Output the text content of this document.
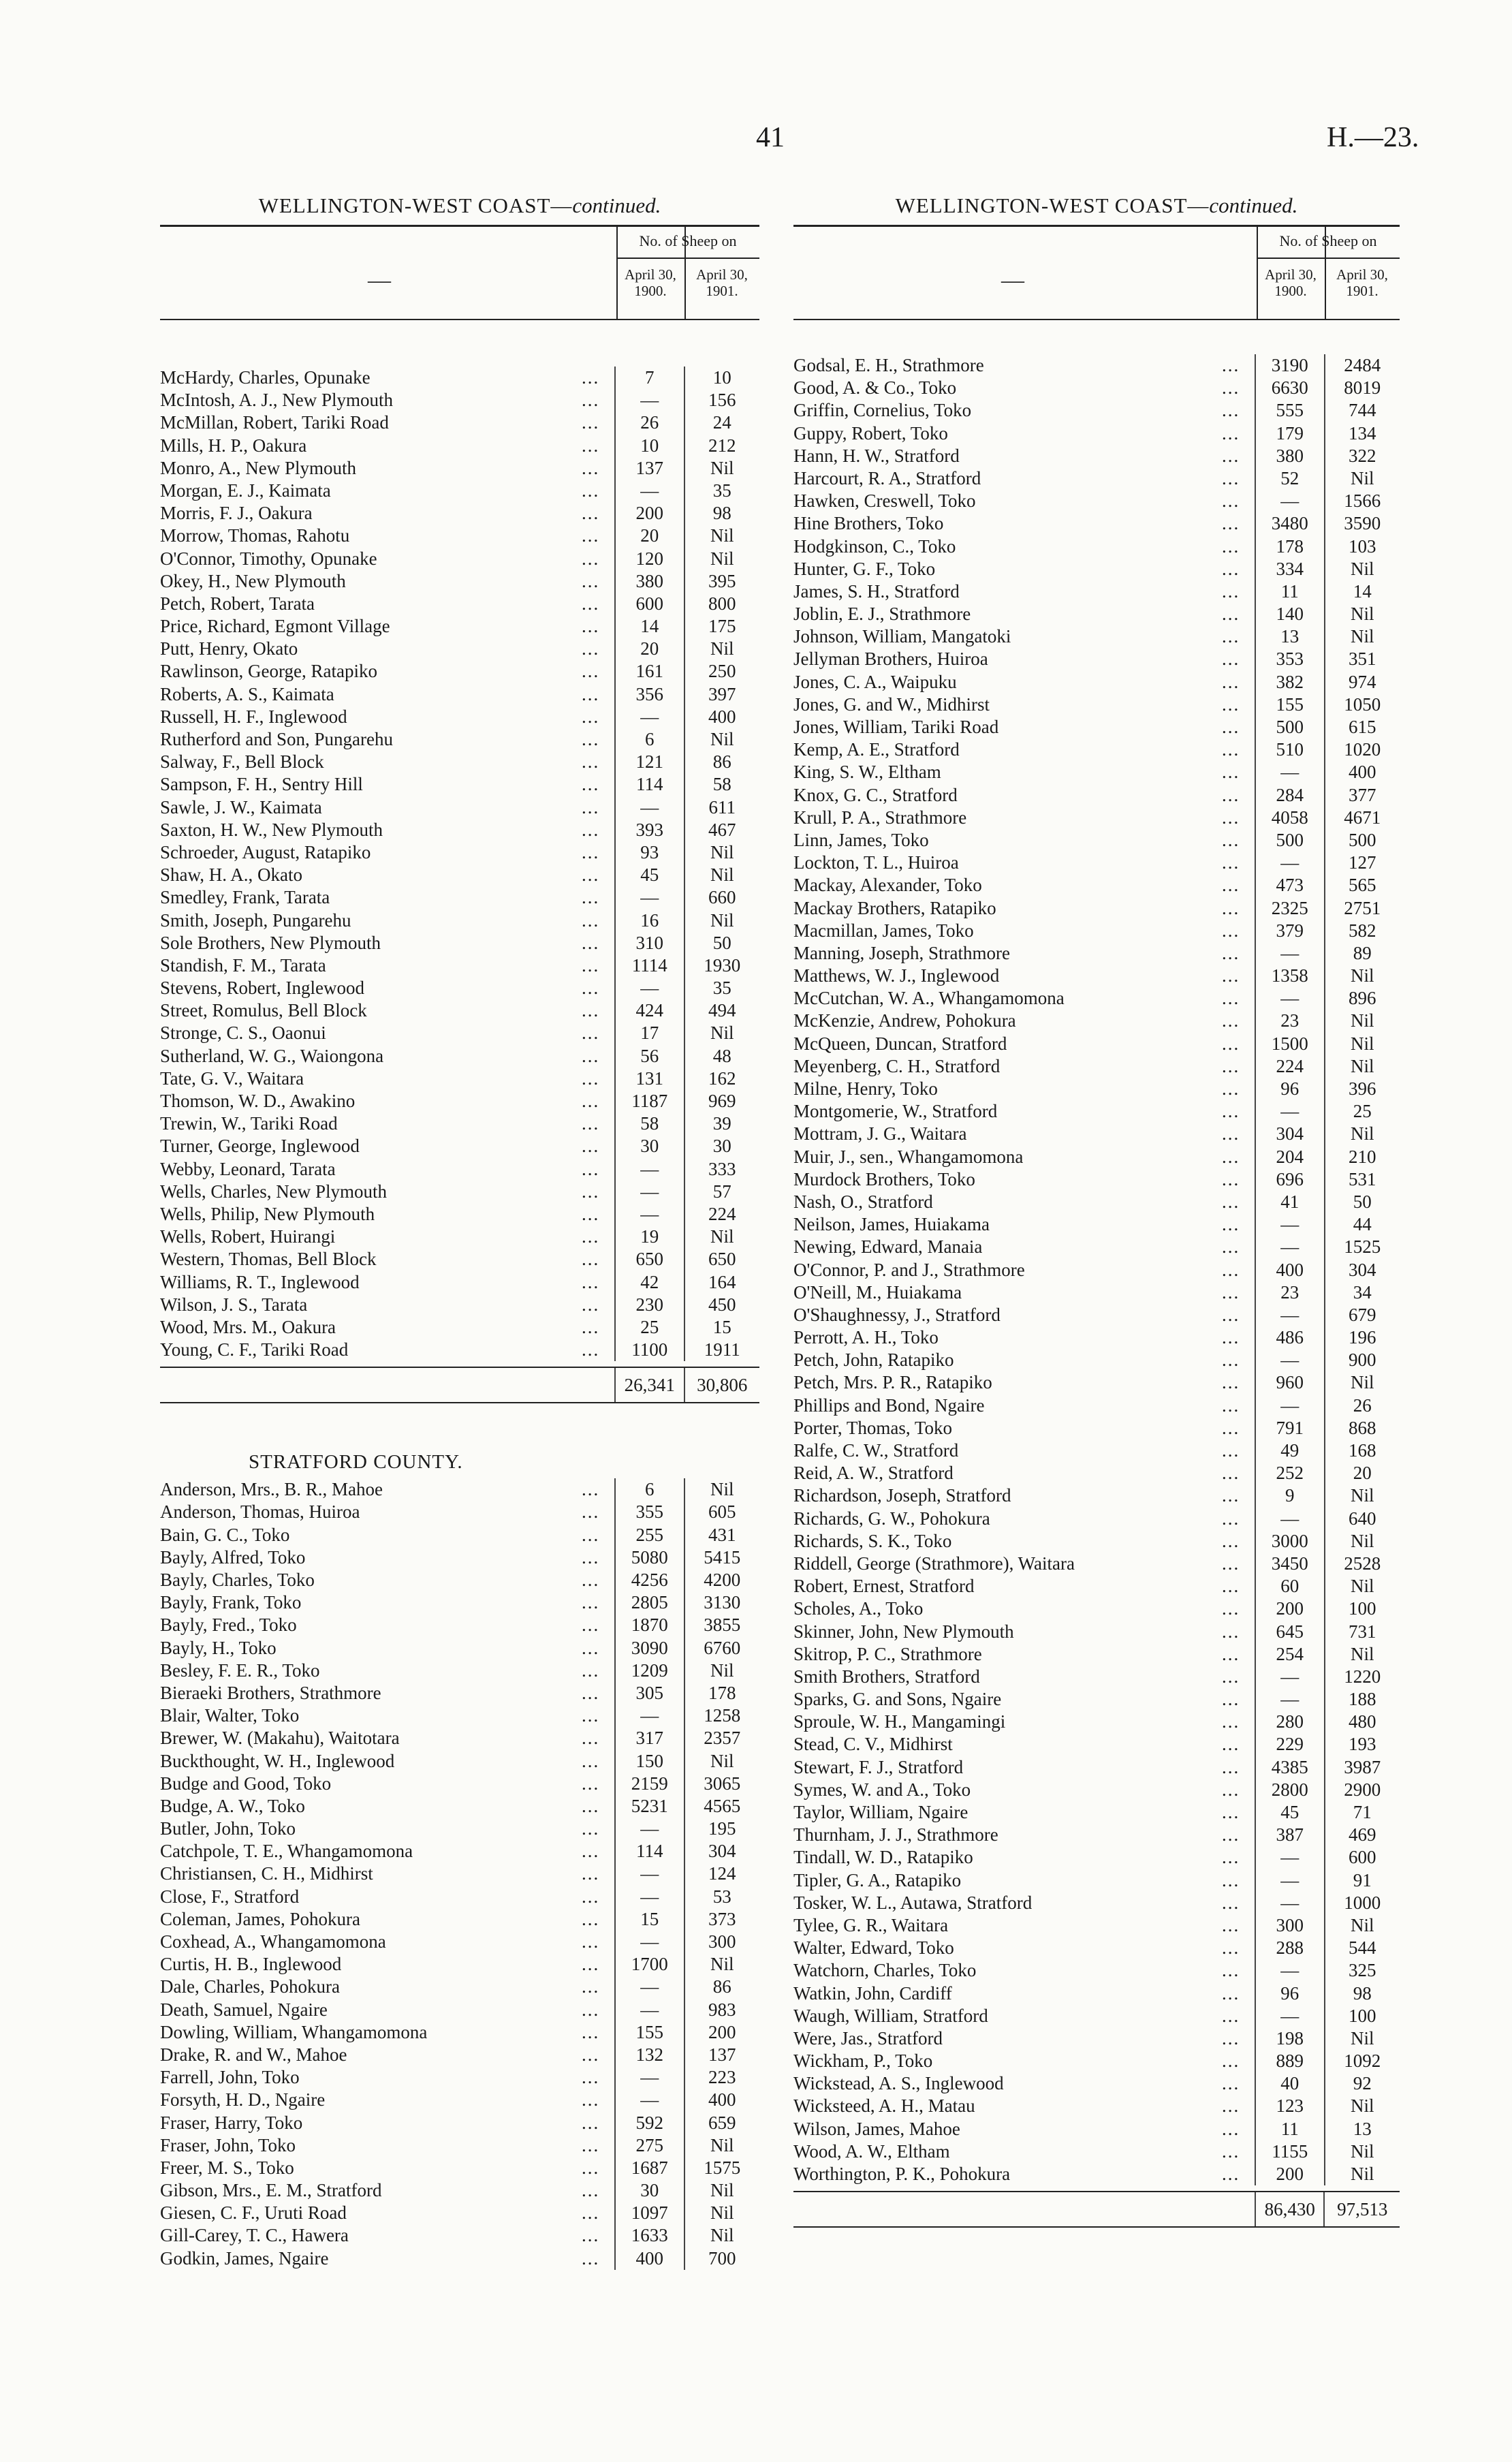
41	H.—23.
WELLINGTON-WEST COAST—continued.
—
No. of Sheep on
April 30,
1900.
April 30,
1901.
McHardy, Charles, Opunake	...	7	10
McIntosh, A. J., New Plymouth	...	—	156
McMillan, Robert, Tariki Road	...	26	24
Mills, H. P., Oakura	...	10	212
Monro, A., New Plymouth	...	137	Nil
Morgan, E. J., Kaimata	...	—	35
Morris, F. J., Oakura	...	200	98
Morrow, Thomas, Rahotu	...	20	Nil
O'Connor, Timothy, Opunake	...	120	Nil
Okey, H., New Plymouth	...	380	395
Petch, Robert, Tarata	...	600	800
Price, Richard, Egmont Village	...	14	175
Putt, Henry, Okato	...	20	Nil
Rawlinson, George, Ratapiko	...	161	250
Roberts, A. S., Kaimata	...	356	397
Russell, H. F., Inglewood	...	—	400
Rutherford and Son, Pungarehu	...	6	Nil
Salway, F., Bell Block	...	121	86
Sampson, F. H., Sentry Hill	...	114	58
Sawle, J. W., Kaimata	...	—	611
Saxton, H. W., New Plymouth	...	393	467
Schroeder, August, Ratapiko	...	93	Nil
Shaw, H. A., Okato	...	45	Nil
Smedley, Frank, Tarata	...	—	660
Smith, Joseph, Pungarehu	...	16	Nil
Sole Brothers, New Plymouth	...	310	50
Standish, F. M., Tarata	...	1114	1930
Stevens, Robert, Inglewood	...	—	35
Street, Romulus, Bell Block	...	424	494
Stronge, C. S., Oaonui	...	17	Nil
Sutherland, W. G., Waiongona	...	56	48
Tate, G. V., Waitara	...	131	162
Thomson, W. D., Awakino	...	1187	969
Trewin, W., Tariki Road	...	58	39
Turner, George, Inglewood	...	30	30
Webby, Leonard, Tarata	...	—	333
Wells, Charles, New Plymouth	...	—	57
Wells, Philip, New Plymouth	...	—	224
Wells, Robert, Huirangi	...	19	Nil
Western, Thomas, Bell Block	...	650	650
Williams, R. T., Inglewood	...	42	164
Wilson, J. S., Tarata	...	230	450
Wood, Mrs. M., Oakura	...	25	15
Young, C. F., Tariki Road	...	1100	1911
26,341	30,806
STRATFORD COUNTY.
Anderson, Mrs., B. R., Mahoe	...	6	Nil
Anderson, Thomas, Huiroa	...	355	605
Bain, G. C., Toko	...	255	431
Bayly, Alfred, Toko	...	5080	5415
Bayly, Charles, Toko	...	4256	4200
Bayly, Frank, Toko	...	2805	3130
Bayly, Fred., Toko	...	1870	3855
Bayly, H., Toko	...	3090	6760
Besley, F. E. R., Toko	...	1209	Nil
Bieraeki Brothers, Strathmore	...	305	178
Blair, Walter, Toko	...	—	1258
Brewer, W. (Makahu), Waitotara	...	317	2357
Buckthought, W. H., Inglewood	...	150	Nil
Budge and Good, Toko	...	2159	3065
Budge, A. W., Toko	...	5231	4565
Butler, John, Toko	...	—	195
Catchpole, T. E., Whangamomona	...	114	304
Christiansen, C. H., Midhirst	...	—	124
Close, F., Stratford	...	—	53
Coleman, James, Pohokura	...	15	373
Coxhead, A., Whangamomona	...	—	300
Curtis, H. B., Inglewood	...	1700	Nil
Dale, Charles, Pohokura	...	—	86
Death, Samuel, Ngaire	...	—	983
Dowling, William, Whangamomona	...	155	200
Drake, R. and W., Mahoe	...	132	137
Farrell, John, Toko	...	—	223
Forsyth, H. D., Ngaire	...	—	400
Fraser, Harry, Toko	...	592	659
Fraser, John, Toko	...	275	Nil
Freer, M. S., Toko	...	1687	1575
Gibson, Mrs., E. M., Stratford	...	30	Nil
Giesen, C. F., Uruti Road	...	1097	Nil
Gill-Carey, T. C., Hawera	...	1633	Nil
Godkin, James, Ngaire	...	400	700
WELLINGTON-WEST COAST—continued.
—
No. of Sheep on
April 30,
1900.
April 30,
1901.
Godsal, E. H., Strathmore	...	3190	2484
Good, A. & Co., Toko	...	6630	8019
Griffin, Cornelius, Toko	...	555	744
Guppy, Robert, Toko	...	179	134
Hann, H. W., Stratford	...	380	322
Harcourt, R. A., Stratford	...	52	Nil
Hawken, Creswell, Toko	...	—	1566
Hine Brothers, Toko	...	3480	3590
Hodgkinson, C., Toko	...	178	103
Hunter, G. F., Toko	...	334	Nil
James, S. H., Stratford	...	11	14
Joblin, E. J., Strathmore	...	140	Nil
Johnson, William, Mangatoki	...	13	Nil
Jellyman Brothers, Huiroa	...	353	351
Jones, C. A., Waipuku	...	382	974
Jones, G. and W., Midhirst	...	155	1050
Jones, William, Tariki Road	...	500	615
Kemp, A. E., Stratford	...	510	1020
King, S. W., Eltham	...	—	400
Knox, G. C., Stratford	...	284	377
Krull, P. A., Strathmore	...	4058	4671
Linn, James, Toko	...	500	500
Lockton, T. L., Huiroa	...	—	127
Mackay, Alexander, Toko	...	473	565
Mackay Brothers, Ratapiko	...	2325	2751
Macmillan, James, Toko	...	379	582
Manning, Joseph, Strathmore	...	—	89
Matthews, W. J., Inglewood	...	1358	Nil
McCutchan, W. A., Whangamomona	...	—	896
McKenzie, Andrew, Pohokura	...	23	Nil
McQueen, Duncan, Stratford	...	1500	Nil
Meyenberg, C. H., Stratford	...	224	Nil
Milne, Henry, Toko	...	96	396
Montgomerie, W., Stratford	...	—	25
Mottram, J. G., Waitara	...	304	Nil
Muir, J., sen., Whangamomona	...	204	210
Murdock Brothers, Toko	...	696	531
Nash, O., Stratford	...	41	50
Neilson, James, Huiakama	...	—	44
Newing, Edward, Manaia	...	—	1525
O'Connor, P. and J., Strathmore	...	400	304
O'Neill, M., Huiakama	...	23	34
O'Shaughnessy, J., Stratford	...	—	679
Perrott, A. H., Toko	...	486	196
Petch, John, Ratapiko	...	—	900
Petch, Mrs. P. R., Ratapiko	...	960	Nil
Phillips and Bond, Ngaire	...	—	26
Porter, Thomas, Toko	...	791	868
Ralfe, C. W., Stratford	...	49	168
Reid, A. W., Stratford	...	252	20
Richardson, Joseph, Stratford	...	9	Nil
Richards, G. W., Pohokura	...	—	640
Richards, S. K., Toko	...	3000	Nil
Riddell, George (Strathmore), Waitara	...	3450	2528
Robert, Ernest, Stratford	...	60	Nil
Scholes, A., Toko	...	200	100
Skinner, John, New Plymouth	...	645	731
Skitrop, P. C., Strathmore	...	254	Nil
Smith Brothers, Stratford	...	—	1220
Sparks, G. and Sons, Ngaire	...	—	188
Sproule, W. H., Mangamingi	...	280	480
Stead, C. V., Midhirst	...	229	193
Stewart, F. J., Stratford	...	4385	3987
Symes, W. and A., Toko	...	2800	2900
Taylor, William, Ngaire	...	45	71
Thurnham, J. J., Strathmore	...	387	469
Tindall, W. D., Ratapiko	...	—	600
Tipler, G. A., Ratapiko	...	—	91
Tosker, W. L., Autawa, Stratford	...	—	1000
Tylee, G. R., Waitara	...	300	Nil
Walter, Edward, Toko	...	288	544
Watchorn, Charles, Toko	...	—	325
Watkin, John, Cardiff	...	96	98
Waugh, William, Stratford	...	—	100
Were, Jas., Stratford	...	198	Nil
Wickham, P., Toko	...	889	1092
Wickstead, A. S., Inglewood	...	40	92
Wicksteed, A. H., Matau	...	123	Nil
Wilson, James, Mahoe	...	11	13
Wood, A. W., Eltham	...	1155	Nil
Worthington, P. K., Pohokura	...	200	Nil
86,430	97,513
